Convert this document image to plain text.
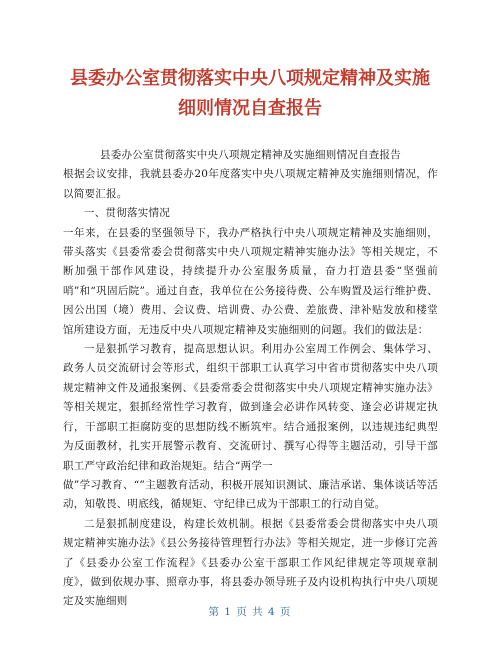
县委办公室贯彻落实中央八项规定精神及实施
细则情况自查报告

县委办公室贯彻落实中央八项规定精神及实施细则情况自查报告

根据会议安排，我就县委办20年度落实中央八项规定精神及实施细则情况，作以简要汇报。

一、贯彻落实情况

一年来，在县委的坚强领导下，我办严格执行中央八项规定精神及实施细则，带头落实《县委常委会贯彻落实中央八项规定精神实施办法》等相关规定，不断加强干部作风建设，持续提升办公室服务质量，奋力打造县委“坚强前哨”和“巩固后院”。通过自查，我单位在公务接待费、公车购置及运行维护费、因公出国（境）费用、会议费、培训费、办公费、差旅费、津补贴发放和楼堂馆所建设方面，无违反中央八项规定精神及实施细则的问题。我们的做法是：

一是狠抓学习教育，提高思想认识。利用办公室周工作例会、集体学习、政务人员交流研讨会等形式，组织干部职工认真学习中省市贯彻落实中央八项规定精神文件及通报案例、《县委常委会贯彻落实中央八项规定精神实施办法》等相关规定，狠抓经常性学习教育，做到逢会必讲作风转变、逢会必讲规定执行，干部职工拒腐防变的思想防线不断筑牢。结合通报案例，以违规违纪典型为反面教材，扎实开展警示教育、交流研讨、撰写心得等主题活动，引导干部职工严守政治纪律和政治规矩。结合“两学一

做”学习教育、“”主题教育活动，积极开展知识测试、廉洁承诺、集体谈话等活动，知敬畏、明底线，循规矩、守纪律已成为干部职工的行动自觉。

二是狠抓制度建设，构建长效机制。根据《县委常委会贯彻落实中央八项规定精神实施办法》《县公务接待管理暂行办法》等相关规定，进一步修订完善了《县委办公室工作流程》《县委办公室干部职工作风纪律规定等项规章制度》，做到依规办事、照章办事，将县委办领导班子及内设机构执行中央八项规定及实施细则

第 1 页 共 4 页
